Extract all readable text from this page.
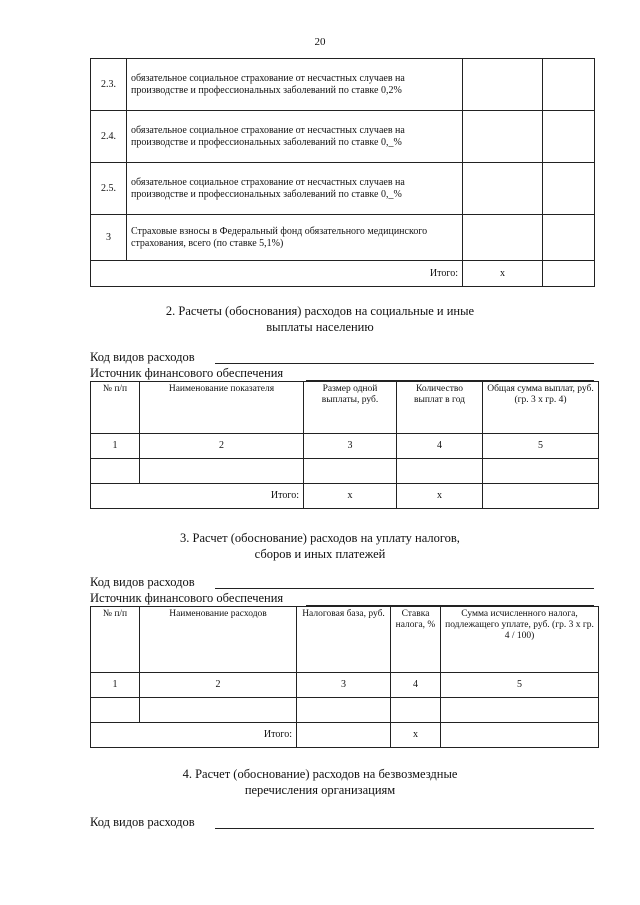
20
2.3.	обязательное социальное страхование от несчастных случаев на производстве и профессиональных заболеваний по ставке 0,2%		
2.4.	обязательное социальное страхование от несчастных случаев на производстве и профессиональных заболеваний по ставке 0,_%		
2.5.	обязательное социальное страхование от несчастных случаев на производстве и профессиональных заболеваний по ставке 0,_%		
3	Страховые взносы в Федеральный фонд обязательного медицинского страхования, всего (по ставке 5,1%)		
	Итого:	x	
2. Расчеты (обоснования) расходов на социальные и иные
выплаты населению
Код видов расходов
Источник финансового обеспечения
№ п/п	Наименование показателя	Размер одной выплаты, руб.	Количество выплат в год	Общая сумма выплат, руб. (гр. 3 х гр. 4)
1	2	3	4	5

	Итого:	x	x	
3. Расчет (обоснование) расходов на уплату налогов,
сборов и иных платежей
Код видов расходов
Источник финансового обеспечения
№ п/п	Наименование расходов	Налоговая база, руб.	Ставка налога, %	Сумма исчисленного налога, подлежащего уплате, руб. (гр. 3 х гр. 4 / 100)
1	2	3	4	5

	Итого:		x	
4. Расчет (обоснование) расходов на безвозмездные
перечисления организациям
Код видов расходов
